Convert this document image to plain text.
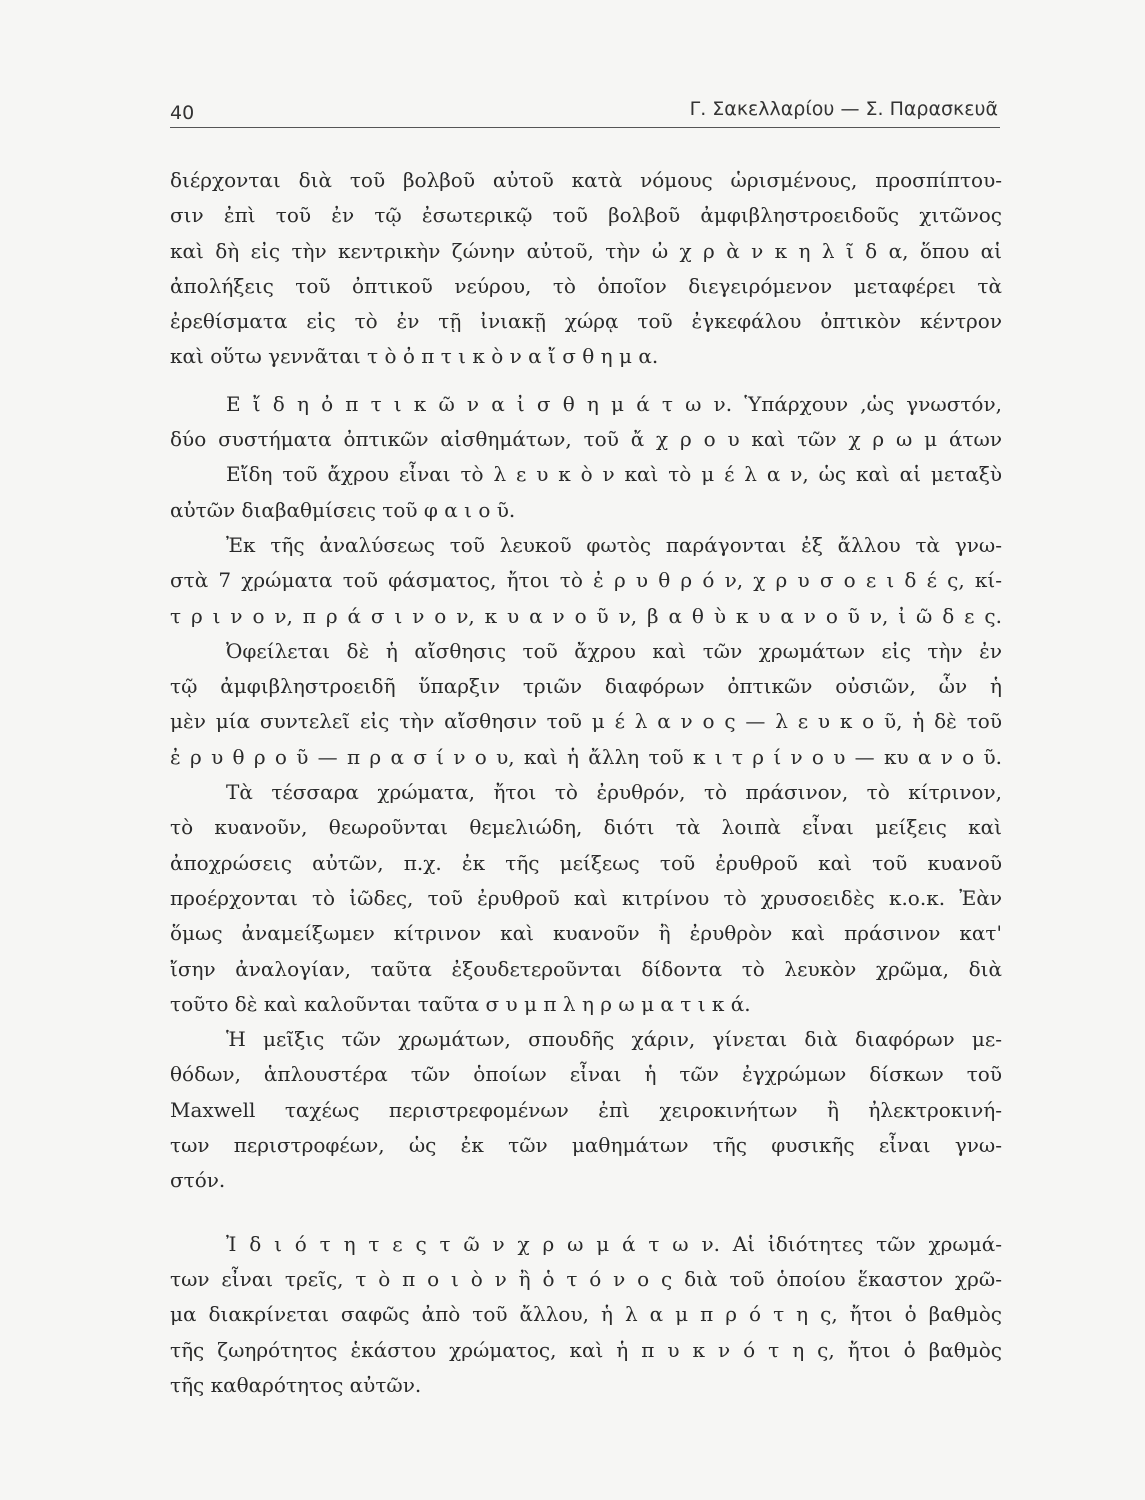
40	Γ. Σακελλαρίου — Σ. Παρασκευᾶ
διέρχονται διὰ τοῦ βολβοῦ αὐτοῦ κατὰ νόμους ὡρισμένους, προσπίπτου-
σιν ἐπὶ τοῦ ἐν τῷ ἐσωτερικῷ τοῦ βολβοῦ ἀμφιβληστροειδοῦς χιτῶνος
καὶ δὴ εἰς τὴν κεντρικὴν ζώνην αὐτοῦ, τὴν ὠ χ ρ ὰ ν κ η λ ῖ δ α, ὅπου αἱ
ἀπολήξεις τοῦ ὀπτικοῦ νεύρου, τὸ ὁποῖον διεγειρόμενον μεταφέρει τὰ
ἐρεθίσματα εἰς τὸ ἐν τῇ ἰνιακῇ χώρᾳ τοῦ ἐγκεφάλου ὀπτικὸν κέντρον
καὶ οὕτω γεννᾶται τ ὸ ὀ π τ ι κ ὸ ν α ἴ σ θ η μ α.
Ε ἴ δ η ὀ π τ ι κ ῶ ν α ἰ σ θ η μ ά τ ω ν. Ὑπάρχουν ,ὡς γνωστόν,
δύο συστήματα ὀπτικῶν αἰσθημάτων, τοῦ ἄ χ ρ ο υ καὶ τῶν χ ρ ω μ άτων
Εἴδη τοῦ ἄχρου εἶναι τὸ λ ε υ κ ὸ ν καὶ τὸ μ έ λ α ν, ὡς καὶ αἱ μεταξὺ
αὐτῶν διαβαθμίσεις τοῦ φ α ι ο ῦ.
Ἐκ τῆς ἀναλύσεως τοῦ λευκοῦ φωτὸς παράγονται ἐξ ἄλλου τὰ γνω-
στὰ 7 χρώματα τοῦ φάσματος, ἤτοι τὸ ἐ ρ υ θ ρ ό ν, χ ρ υ σ ο ε ι δ έ ς, κί-
τ ρ ι ν ο ν, π ρ ά σ ι ν ο ν, κ υ α ν ο ῦ ν, β α θ ὺ κ υ α ν ο ῦ ν, ἰ ῶ δ ε ς.
Ὀφείλεται δὲ ἡ αἴσθησις τοῦ ἄχρου καὶ τῶν χρωμάτων εἰς τὴν ἐν
τῷ ἀμφιβληστροειδῆ ὕπαρξιν τριῶν διαφόρων ὀπτικῶν οὐσιῶν, ὧν ἡ
μὲν μία συντελεῖ εἰς τὴν αἴσθησιν τοῦ μ έ λ α ν ο ς — λ ε υ κ ο ῦ, ἡ δὲ τοῦ
ἐ ρ υ θ ρ ο ῦ — π ρ α σ ί ν ο υ, καὶ ἡ ἄλλη τοῦ κ ι τ ρ ί ν ο υ — κυ α ν ο ῦ.
Τὰ τέσσαρα χρώματα, ἤτοι τὸ ἐρυθρόν, τὸ πράσινον, τὸ κίτρινον,
τὸ κυανοῦν, θεωροῦνται θεμελιώδη, διότι τὰ λοιπὰ εἶναι μείξεις καὶ
ἀποχρώσεις αὐτῶν, π.χ. ἐκ τῆς μείξεως τοῦ ἐρυθροῦ καὶ τοῦ κυανοῦ
προέρχονται τὸ ἰῶδες, τοῦ ἐρυθροῦ καὶ κιτρίνου τὸ χρυσοειδὲς κ.ο.κ. Ἐὰν
ὅμως ἀναμείξωμεν κίτρινον καὶ κυανοῦν ἢ ἐρυθρὸν καὶ πράσινον κατ'
ἴσην ἀναλογίαν, ταῦτα ἐξουδετεροῦνται δίδοντα τὸ λευκὸν χρῶμα, διὰ
τοῦτο δὲ καὶ καλοῦνται ταῦτα σ υ μ π λ η ρ ω μ α τ ι κ ά.
Ἡ μεῖξις τῶν χρωμάτων, σπουδῆς χάριν, γίνεται διὰ διαφόρων με-
θόδων, ἁπλουστέρα τῶν ὁποίων εἶναι ἡ τῶν ἐγχρώμων δίσκων τοῦ
Maxwell ταχέως περιστρεφομένων ἐπὶ χειροκινήτων ἢ ἠλεκτροκινή-
των περιστροφέων, ὡς ἐκ τῶν μαθημάτων τῆς φυσικῆς εἶναι γνω-
στόν.
Ἰ δ ι ό τ η τ ε ς τ ῶ ν χ ρ ω μ ά τ ω ν. Αἱ ἰδιότητες τῶν χρωμά-
των εἶναι τρεῖς, τ ὸ π ο ι ὸ ν ἢ ὁ τ ό ν ο ς διὰ τοῦ ὁποίου ἕκαστον χρῶ-
μα διακρίνεται σαφῶς ἀπὸ τοῦ ἄλλου, ἡ λ α μ π ρ ό τ η ς, ἤτοι ὁ βαθμὸς
τῆς ζωηρότητος ἑκάστου χρώματος, καὶ ἡ π υ κ ν ό τ η ς, ἤτοι ὁ βαθμὸς
τῆς καθαρότητος αὐτῶν.
